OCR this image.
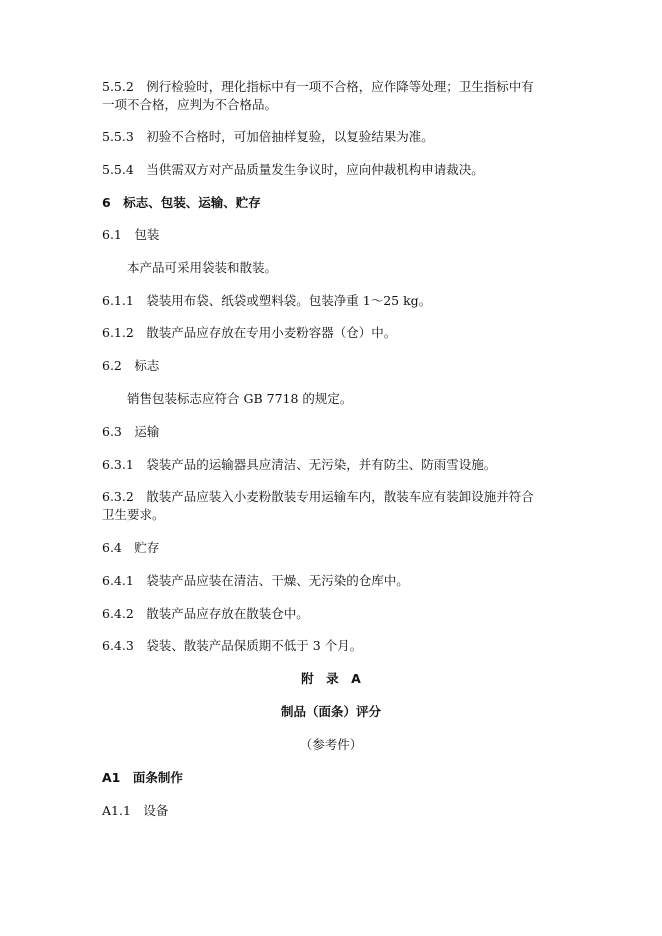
5.5.2　例行检验时，理化指标中有一项不合格，应作降等处理；卫生指标中有
一项不合格，应判为不合格品。
5.5.3　初验不合格时，可加倍抽样复验，以复验结果为准。
5.5.4　当供需双方对产品质量发生争议时，应向仲裁机构申请裁决。
6　标志、包装、运输、贮存
6.1　包装
本产品可采用袋装和散装。
6.1.1　袋装用布袋、纸袋或塑料袋。包装净重 1～25 kg。
6.1.2　散装产品应存放在专用小麦粉容器（仓）中。
6.2　标志
销售包装标志应符合 GB 7718 的规定。
6.3　运输
6.3.1　袋装产品的运输器具应清洁、无污染，并有防尘、防雨雪设施。
6.3.2　散装产品应装入小麦粉散装专用运输车内，散装车应有装卸设施并符合
卫生要求。
6.4　贮存
6.4.1　袋装产品应装在清洁、干燥、无污染的仓库中。
6.4.2　散装产品应存放在散装仓中。
6.4.3　袋装、散装产品保质期不低于 3 个月。
附　录　A
制品（面条）评分
（参考件）
A1　面条制作
A1.1　设备
